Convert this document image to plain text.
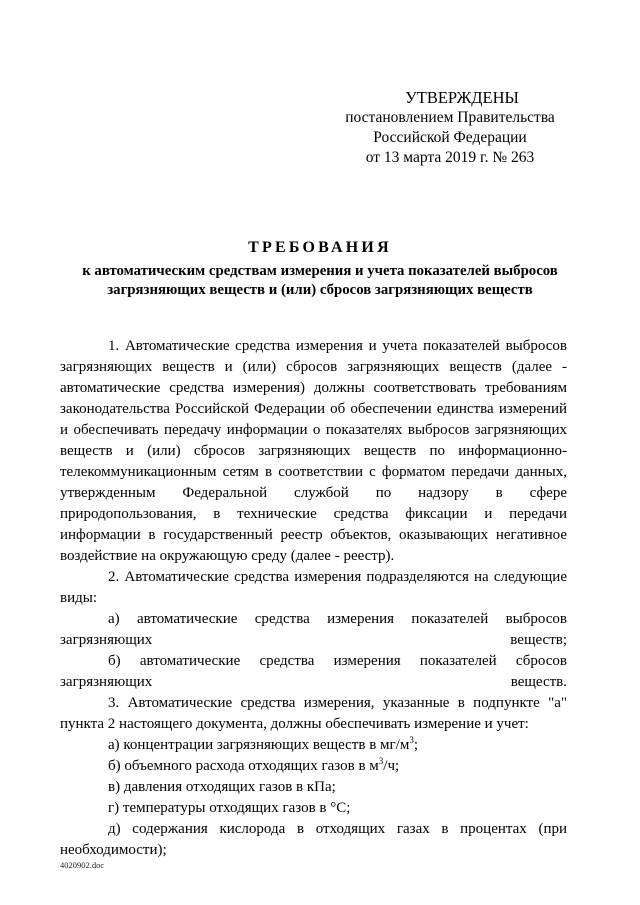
УТВЕРЖДЕНЫ
постановлением Правительства
Российской Федерации
от 13 марта 2019 г. № 263
ТРЕБОВАНИЯ
к автоматическим средствам измерения и учета показателей выбросов
загрязняющих веществ и (или) сбросов загрязняющих веществ

1. Автоматические средства измерения и учета показателей выбросов загрязняющих веществ и (или) сбросов загрязняющих веществ (далее - автоматические средства измерения) должны соответствовать требованиям законодательства Российской Федерации об обеспечении единства измерений и обеспечивать передачу информации о показателях выбросов загрязняющих веществ и (или) сбросов загрязняющих веществ по информационно-телекоммуникационным сетям в соответствии с форматом передачи данных, утвержденным Федеральной службой по надзору в сфере природопользования, в технические средства фиксации и передачи информации в государственный реестр объектов, оказывающих негативное воздействие на окружающую среду (далее - реестр).

2. Автоматические средства измерения подразделяются на следующие виды:

а) автоматические средства измерения показателей выбросов загрязняющих веществ;

б) автоматические средства измерения показателей сбросов загрязняющих веществ.

3. Автоматические средства измерения, указанные в подпункте "а" пункта 2 настоящего документа, должны обеспечивать измерение и учет:

а) концентрации загрязняющих веществ в $мг/м^3$;

б) объемного расхода отходящих газов в $м^3/ч$;

в) давления отходящих газов в кПа;

г) температуры отходящих газов в °С;

д) содержания кислорода в отходящих газах в процентах (при необходимости);

4020902.doc
